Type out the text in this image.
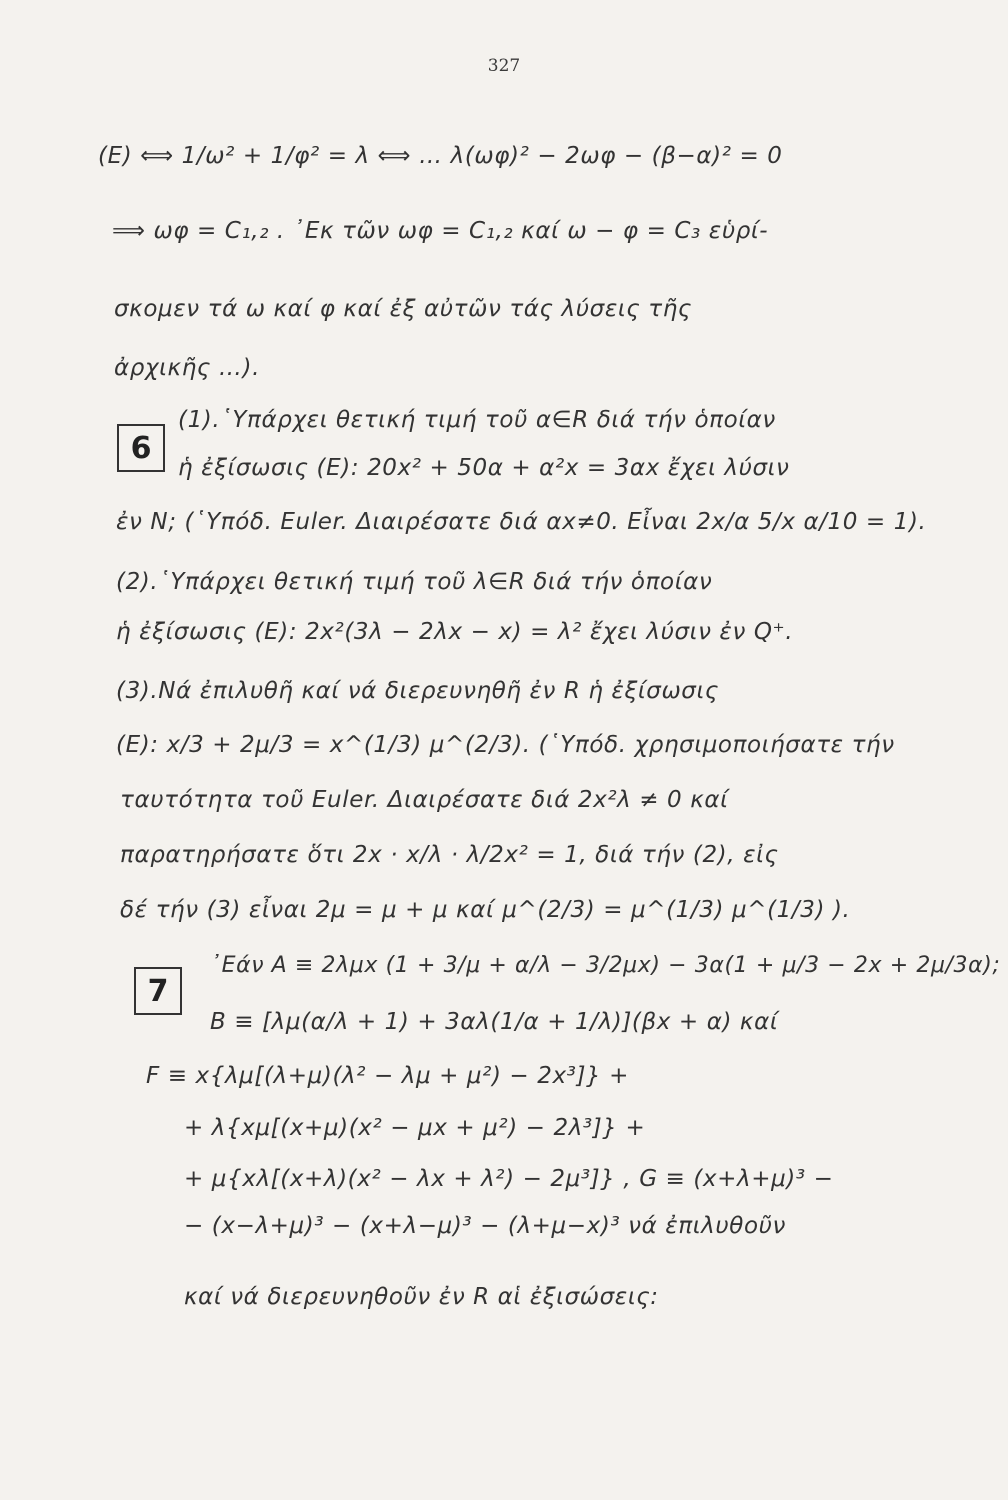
327
(E) ⟺ 1/ω² + 1/φ² = λ ⟺ … λ(ωφ)² − 2ωφ − (β−α)² = 0
⟹ ωφ = C₁,₂ . ᾿Εκ τῶν ωφ = C₁,₂ καί ω − φ = C₃ εὑρί-
σκομεν τά ω καί φ καί ἐξ αὐτῶν τάς λύσεις τῆς
ἀρχικῆς …).
6
(1).῾Υπάρχει θετική τιμή τοῦ α∈R διά τήν ὁποίαν
ἡ ἐξίσωσις (E): 20x² + 50α + α²x = 3αx ἔχει λύσιν
ἐν N; (῾Υπόδ. Euler. Διαιρέσατε διά αx≠0. Εἶναι 2x/α 5/x α/10 = 1).
(2).῾Υπάρχει θετική τιμή τοῦ λ∈R διά τήν ὁποίαν
ἡ ἐξίσωσις (E): 2x²(3λ − 2λx − x) = λ² ἔχει λύσιν ἐν Q⁺.
(3).Νά ἐπιλυθῆ καί νά διερευνηθῆ ἐν R ἡ ἐξίσωσις
(E): x/3 + 2μ/3 = x^(1/3) μ^(2/3). (῾Υπόδ. χρησιμοποιήσατε τήν
ταυτότητα τοῦ Euler. Διαιρέσατε διά 2x²λ ≠ 0 καί
παρατηρήσατε ὅτι 2x · x/λ · λ/2x² = 1, διά τήν (2), εἰς
δέ τήν (3) εἶναι 2μ = μ + μ καί μ^(2/3) = μ^(1/3) μ^(1/3) ).
7
᾿Εάν A ≡ 2λμx (1 + 3/μ + α/λ − 3/2μx) − 3α(1 + μ/3 − 2x + 2μ/3α);
B ≡ [λμ(α/λ + 1) + 3αλ(1/α + 1/λ)](βx + α) καί
F ≡ x{λμ[(λ+μ)(λ² − λμ + μ²) − 2x³]} +
+ λ{xμ[(x+μ)(x² − μx + μ²) − 2λ³]} +
+ μ{xλ[(x+λ)(x² − λx + λ²) − 2μ³]} , G ≡ (x+λ+μ)³ −
− (x−λ+μ)³ − (x+λ−μ)³ − (λ+μ−x)³ νά ἐπιλυθοῦν
καί νά διερευνηθοῦν ἐν R αἱ ἐξισώσεις:
